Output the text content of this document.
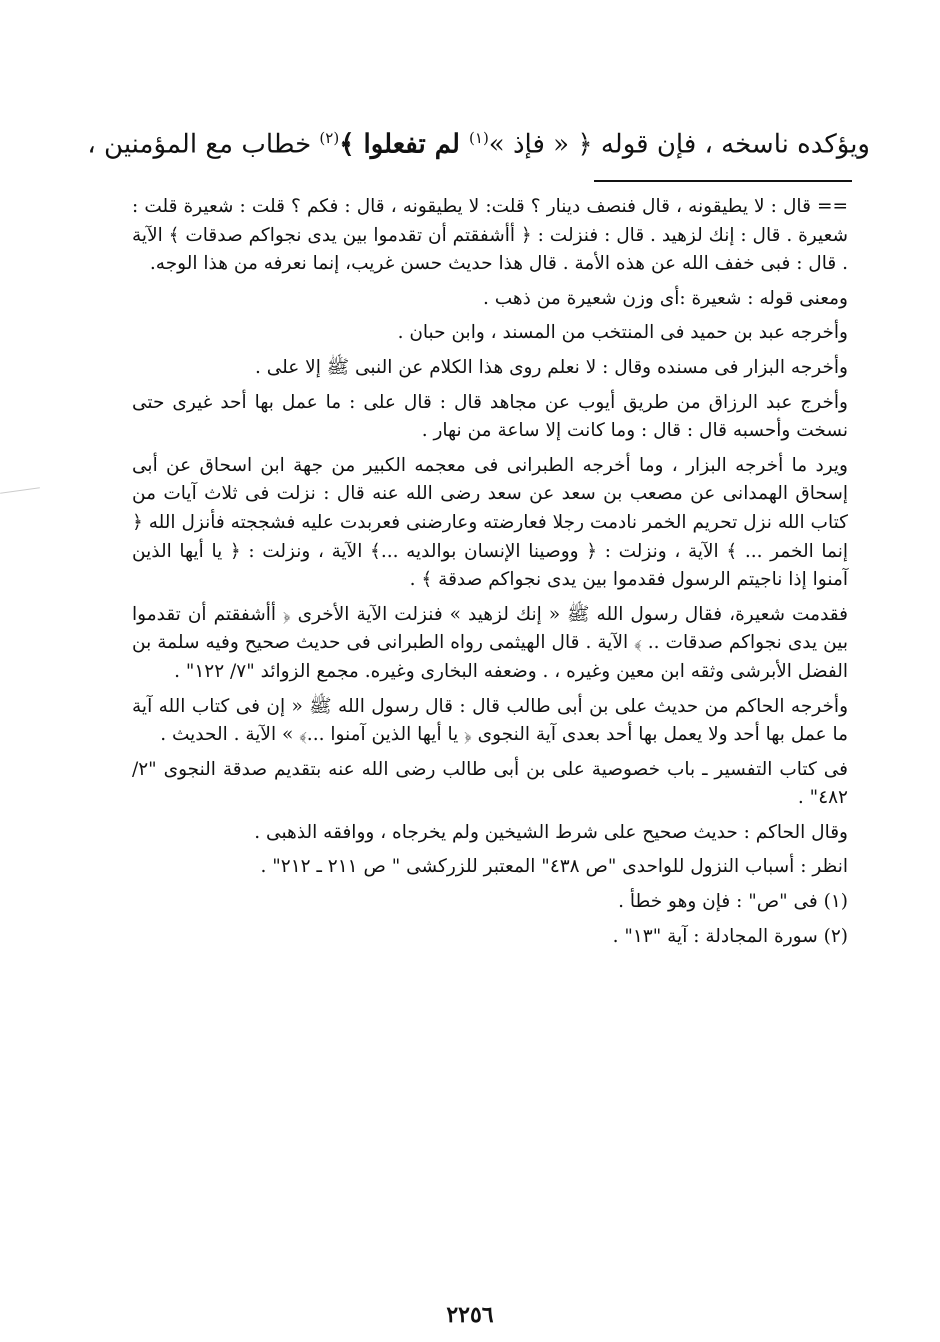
ويؤكده ناسخه ، فإن قوله ﴿ « فإذ »$^{(١)}$ لم تفعلوا ﴾$^{(٢)}$ خطاب مع المؤمنين ،

== قال : لا يطيقونه ، قال فنصف دينار ؟ قلت: لا يطيقونه ، قال : فكم ؟ قلت : شعيرة قلت : شعيرة . قال : إنك لزهيد . قال : فنزلت : ﴿ أأشفقتم أن تقدموا بين يدى نجواكم صدقات ﴾ الآية . قال : فبى خفف الله عن هذه الأمة . قال هذا حديث حسن غريب، إنما نعرفه من هذا الوجه.

ومعنى قوله : شعيرة :أى وزن شعيرة من ذهب .

وأخرجه عبد بن حميد فى المنتخب من المسند ، وابن حبان .

وأخرجه البزار فى مسنده وقال : لا نعلم روى هذا الكلام عن النبى ﷺ إلا على .

وأخرج عبد الرزاق من طريق أيوب عن مجاهد قال : قال على : ما عمل بها أحد غيرى حتى نسخت وأحسبه قال : قال : وما كانت إلا ساعة من نهار .

ويرد ما أخرجه البزار ، وما أخرجه الطبرانى فى معجمه الكبير من جهة ابن اسحاق عن أبى إسحاق الهمدانى عن مصعب بن سعد عن سعد رضى الله عنه قال : نزلت فى ثلاث آيات من كتاب الله نزل تحريم الخمر نادمت رجلا فعارضته وعارضنى فعربدت عليه فشججته فأنزل الله ﴿ إنما الخمر ... ﴾ الآية ، ونزلت : ﴿ ووصينا الإنسان بوالديه ...﴾ الآية ، ونزلت : ﴿ يا أيها الذين آمنوا إذا ناجيتم الرسول فقدموا بين يدى نجواكم صدقة ﴾ .

فقدمت شعيرة، فقال رسول الله ﷺ « إنك لزهيد » فنزلت الآية الأخرى ﴿ أأشفقتم أن تقدموا بين يدى نجواكم صدقات .. ﴾ الآية . قال الهيثمى رواه الطبرانى فى حديث صحيح وفيه سلمة بن الفضل الأبرشى وثقه ابن معين وغيره ، . وضعفه البخارى وغيره. مجمع الزوائد "٧/ ١٢٢" .

وأخرجه الحاكم من حديث على بن أبى طالب قال : قال رسول الله ﷺ « إن فى كتاب الله آية ما عمل بها أحد ولا يعمل بها أحد بعدى آية النجوى ﴿ يا أيها الذين آمنوا ...﴾ » الآية . الحديث .

فى كتاب التفسير ـ باب خصوصية على بن أبى طالب رضى الله عنه بتقديم صدقة النجوى "٢/ ٤٨٢" .

وقال الحاكم : حديث صحيح على شرط الشيخين ولم يخرجاه ، ووافقه الذهبى .

انظر : أسباب النزول للواحدى "ص ٤٣٨" المعتبر للزركشى " ص ٢١١ ـ ٢١٢" .

(١) فى "ص" : فإن وهو خطأ .

(٢) سورة المجادلة : آية "١٣" .

٢٢٥٦
